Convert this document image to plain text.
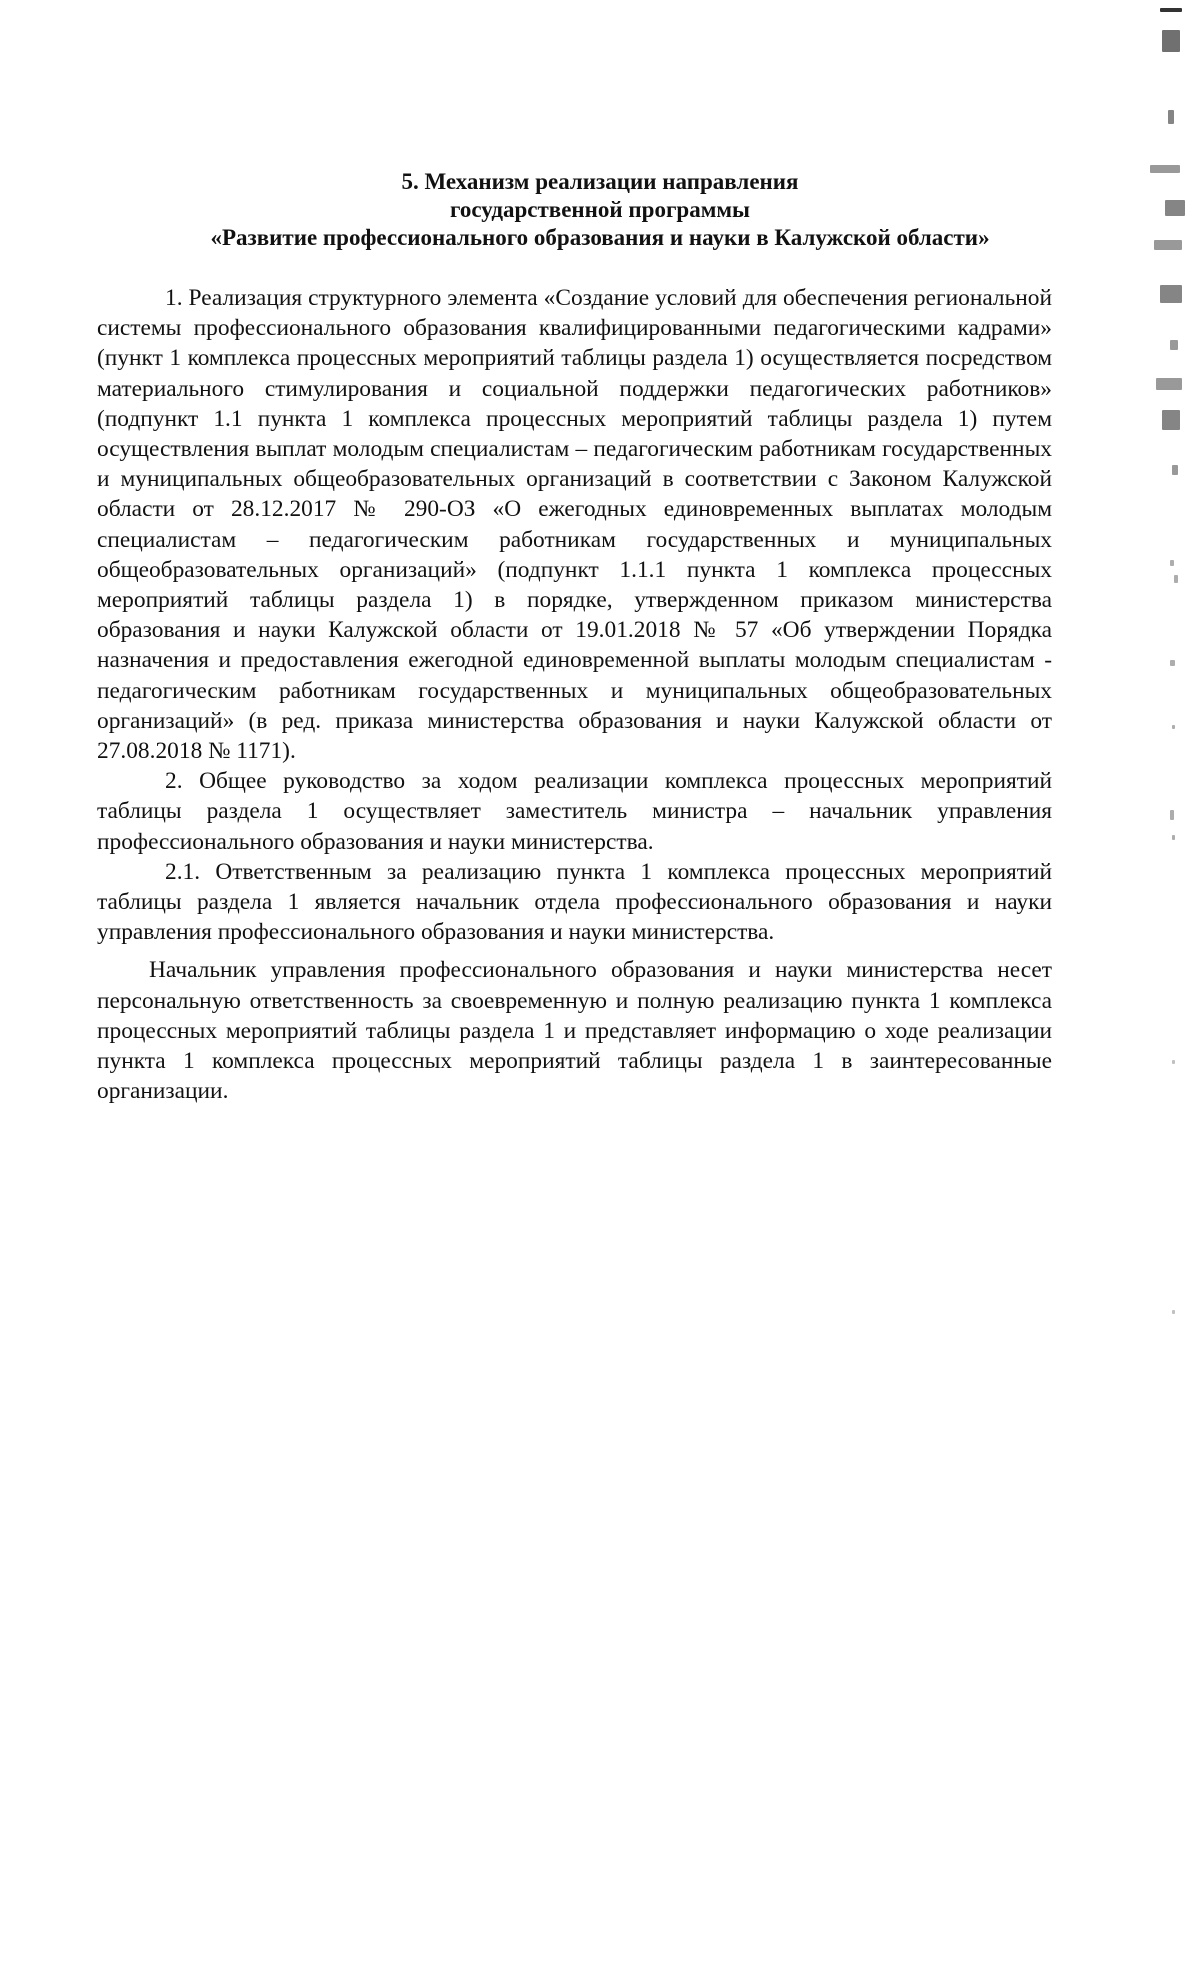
5. Механизм реализации направления
государственной программы
«Развитие профессионального образования и науки в Калужской области»

1. Реализация структурного элемента «Создание условий для обеспечения региональной системы профессионального образования квалифицированными педагогическими кадрами» (пункт 1 комплекса процессных мероприятий таблицы раздела 1) осуществляется посредством материального стимулирования и социальной поддержки педагогических работников» (подпункт 1.1 пункта 1 комплекса процессных мероприятий таблицы раздела 1) путем осуществления выплат молодым специалистам – педагогическим работникам государственных и муниципальных общеобразовательных организаций в соответствии с Законом Калужской области от 28.12.2017 № 290-ОЗ «О ежегодных единовременных выплатах молодым специалистам – педагогическим работникам государственных и муниципальных общеобразовательных организаций» (подпункт 1.1.1 пункта 1 комплекса процессных мероприятий таблицы раздела 1) в порядке, утвержденном приказом министерства образования и науки Калужской области от 19.01.2018 № 57 «Об утверждении Порядка назначения и предоставления ежегодной единовременной выплаты молодым специалистам - педагогическим работникам государственных и муниципальных общеобразовательных организаций» (в ред. приказа министерства образования и науки Калужской области от 27.08.2018 № 1171).

2. Общее руководство за ходом реализации комплекса процессных мероприятий таблицы раздела 1 осуществляет заместитель министра – начальник управления профессионального образования и науки министерства.

2.1. Ответственным за реализацию пункта 1 комплекса процессных мероприятий таблицы раздела 1 является начальник отдела профессионального образования и науки управления профессионального образования и науки министерства.

Начальник управления профессионального образования и науки министерства несет персональную ответственность за своевременную и полную реализацию пункта 1 комплекса процессных мероприятий таблицы раздела 1 и представляет информацию о ходе реализации пункта 1 комплекса процессных мероприятий таблицы раздела 1 в заинтересованные организации.
